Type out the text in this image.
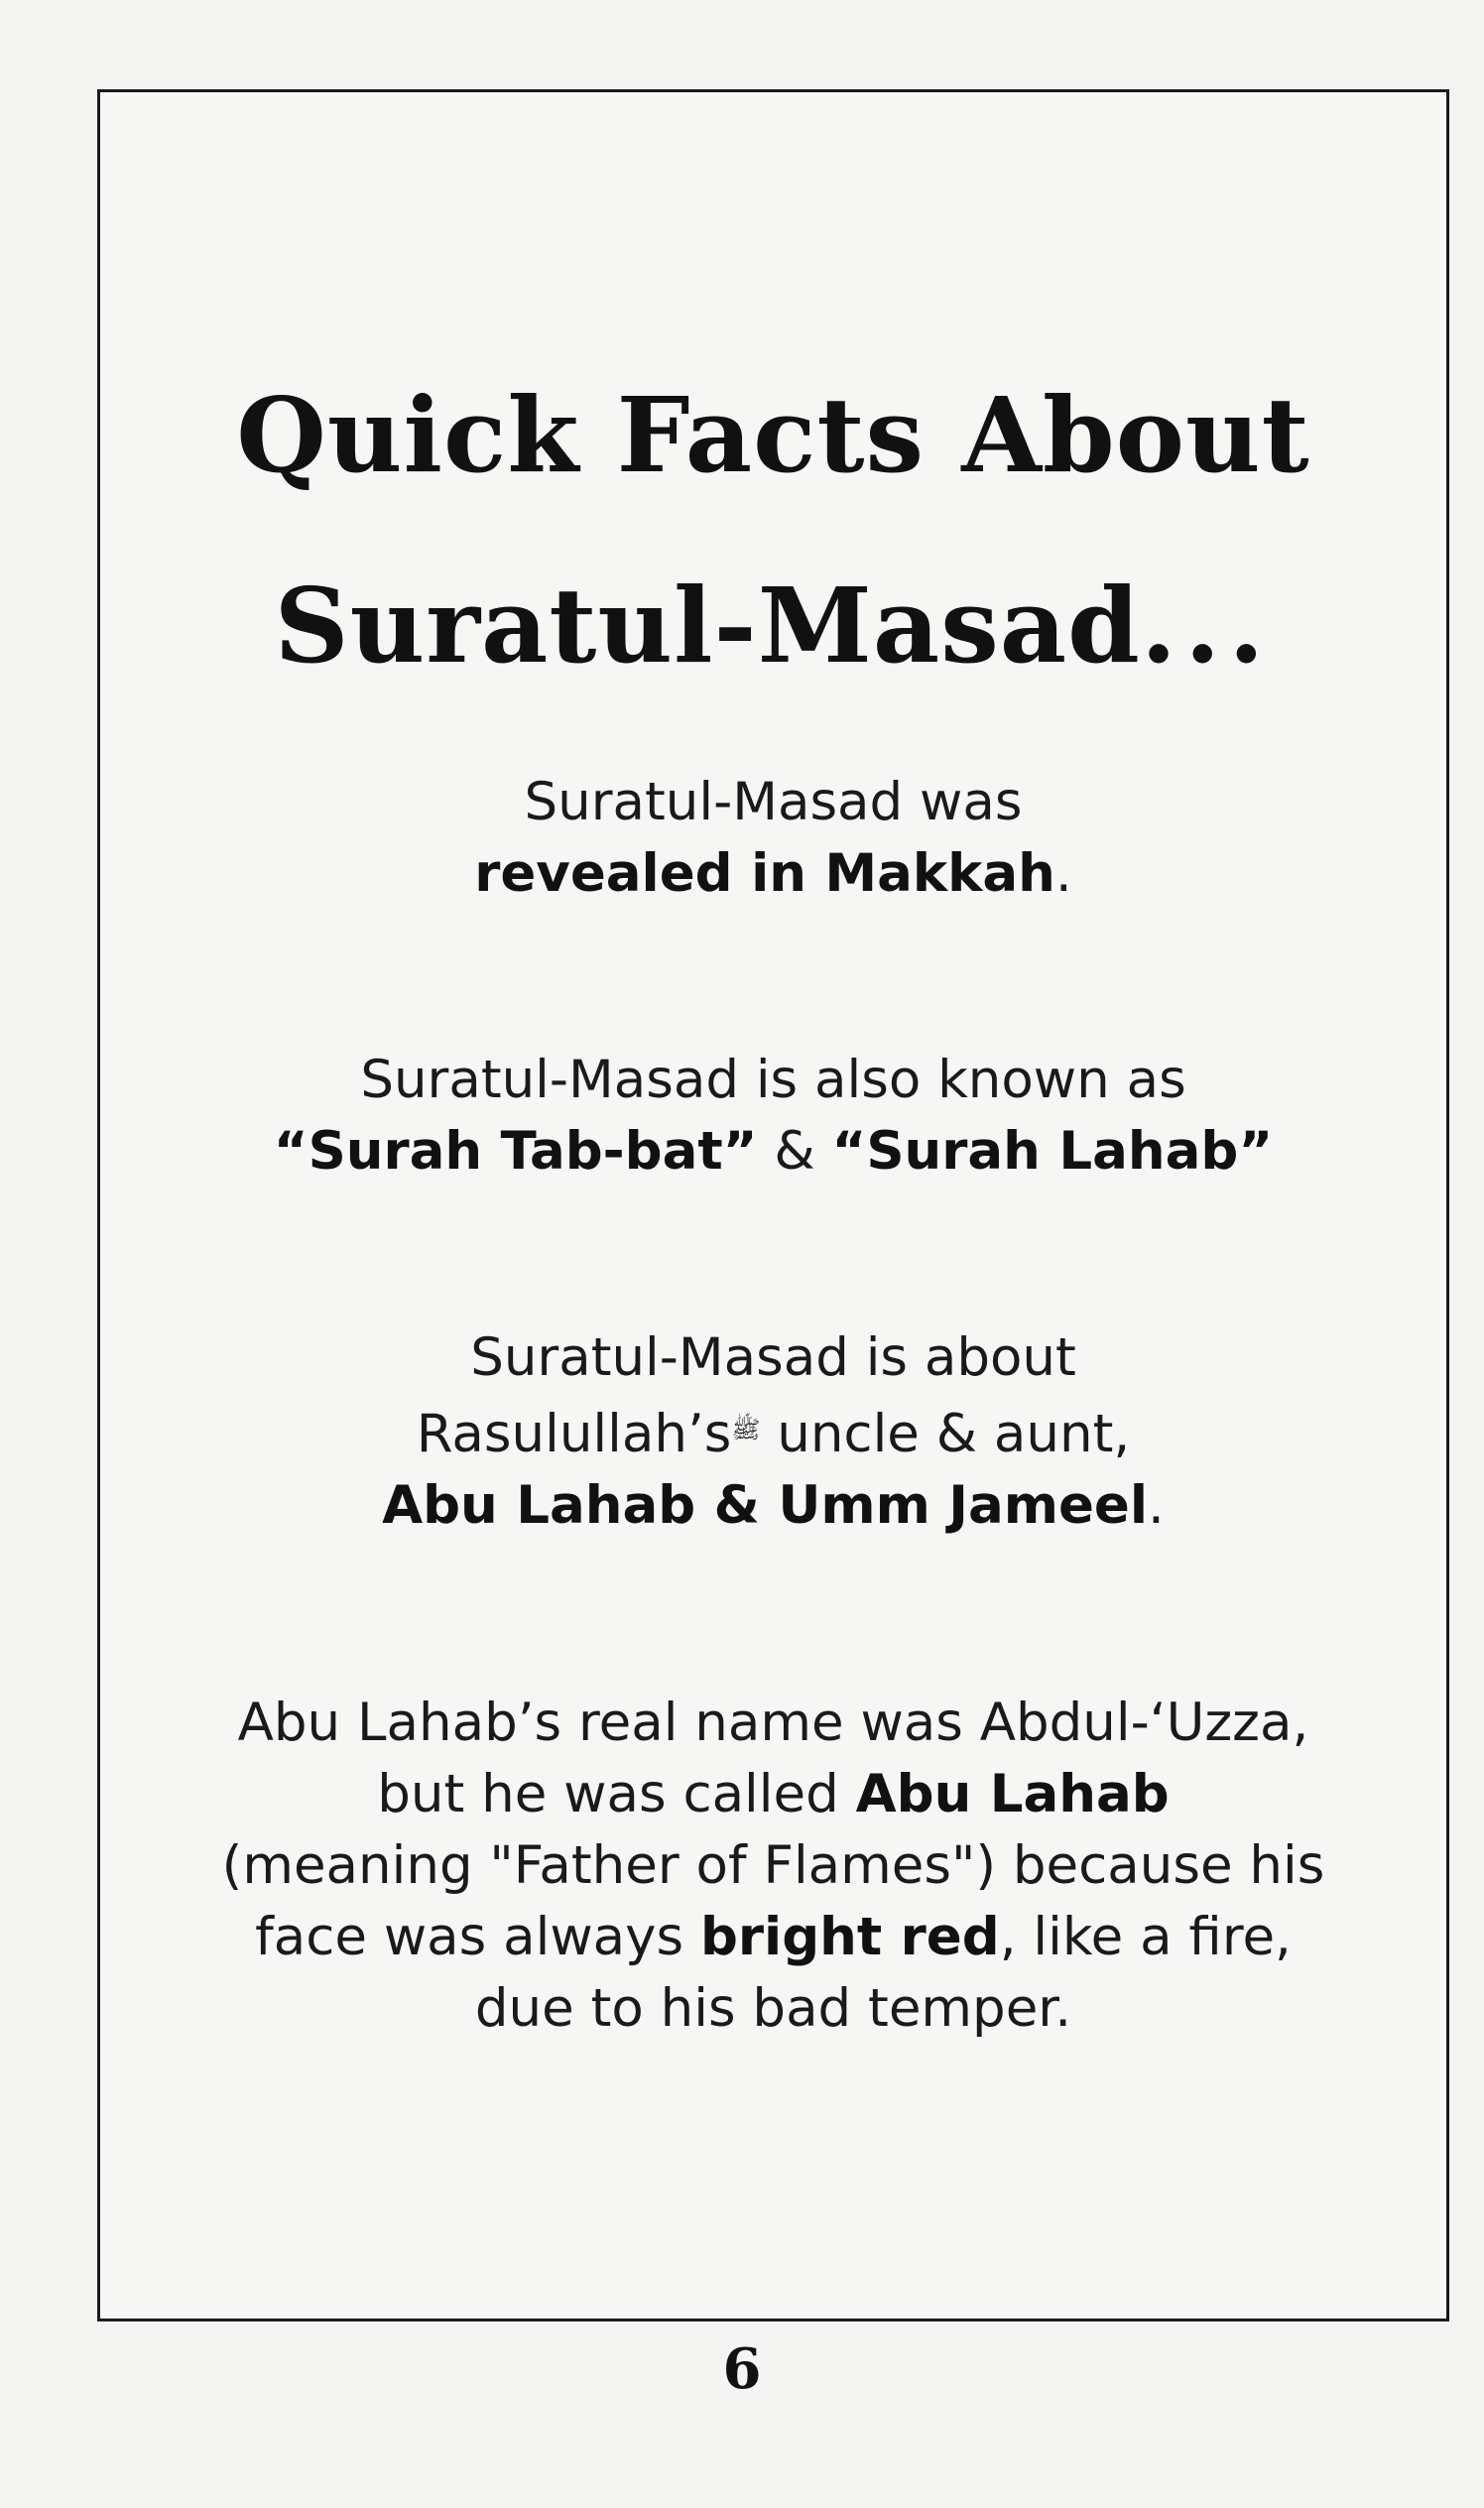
Quick Facts About
Suratul-Masad...
Suratul-Masad was
revealed in Makkah.
Suratul-Masad is also known as
“Surah Tab-bat” & “Surah Lahab”
Suratul-Masad is about
$Rasulullah’s^ﷺ$ uncle & aunt,
Abu Lahab & Umm Jameel.
Abu Lahab’s real name was Abdul-‘Uzza,
but he was called Abu Lahab
(meaning "Father of Flames") because his
face was always bright red, like a fire,
due to his bad temper.
6
